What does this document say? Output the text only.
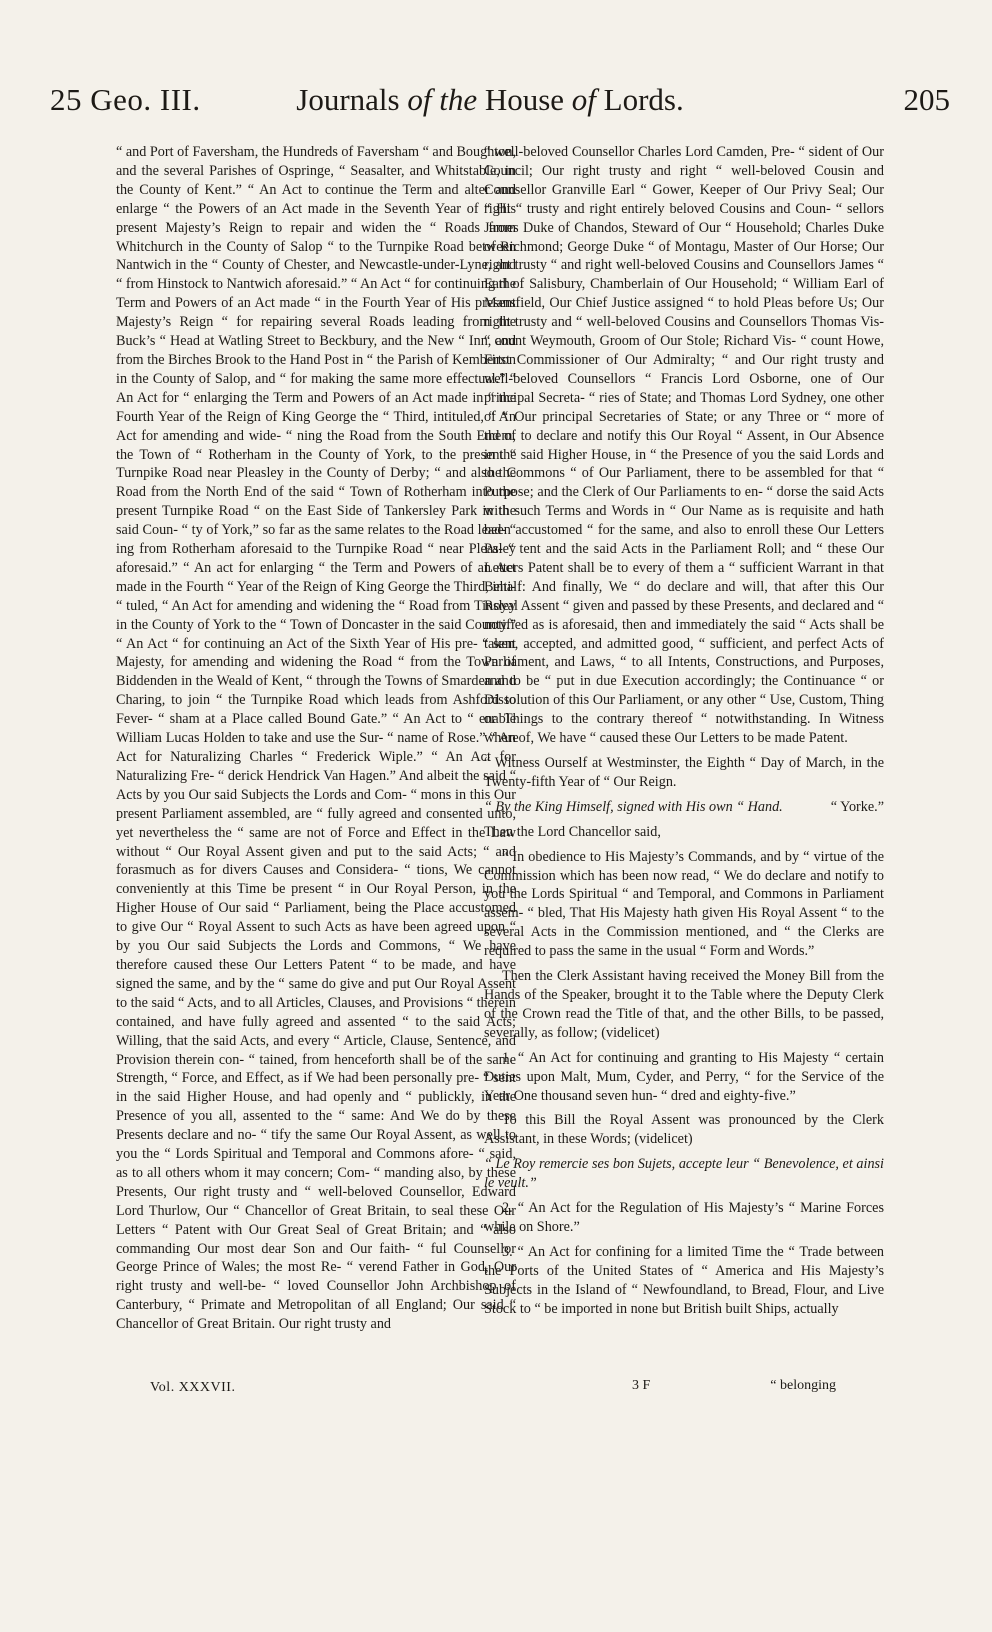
25 Geo. III.	Journals of the House of Lords.	205

“ and Port of Faversham, the Hundreds of Faversham “ and Boughton, and the several Parishes of Ospringe, “ Seasalter, and Whitstable, in the County of Kent.” “ An Act to continue the Term and alter and enlarge “ the Powers of an Act made in the Seventh Year of “ His present Majesty’s Reign to repair and widen the “ Roads from Whitchurch in the County of Salop “ to the Turnpike Road between Nantwich in the “ County of Chester, and Newcastle-under-Lyne, and “ from Hinstock to Nantwich aforesaid.” “ An Act “ for continuing the Term and Powers of an Act made “ in the Fourth Year of His present Majesty’s Reign “ for repairing several Roads leading from the Buck’s “ Head at Watling Street to Beckbury, and the New “ Inn, and from the Birches Brook to the Hand Post in “ the Parish of Kemberton in the County of Salop, and “ for making the same more effectual.” “ An Act for “ enlarging the Term and Powers of an Act made in “ the Fourth Year of the Reign of King George the “ Third, intituled, “ An Act for amending and wide- “ ning the Road from the South End of the Town of “ Rotherham in the County of York, to the present “ Turnpike Road near Pleasley in the County of Derby; “ and also the Road from the North End of the said “ Town of Rotherham into the present Turnpike Road “ on the East Side of Tankersley Park in the said Coun- “ ty of York,” so far as the same relates to the Road lead- “ ing from Rotherham aforesaid to the Turnpike Road “ near Pleasley aforesaid.” “ An act for enlarging “ the Term and Powers of an Act made in the Fourth “ Year of the Reign of King George the Third, inti- “ tuled, “ An Act for amending and widening the “ Road from Tinsley in the County of York to the “ Town of Doncaster in the said County.” “ An Act “ for continuing an Act of the Sixth Year of His pre- “ sent Majesty, for amending and widening the Road “ from the Town of Biddenden in the Weald of Kent, “ through the Towns of Smarden and Charing, to join “ the Turnpike Road which leads from Ashford to Fever- “ sham at a Place called Bound Gate.” “ An Act to “ enable William Lucas Holden to take and use the Sur- “ name of Rose.” “ An Act for Naturalizing Charles “ Frederick Wiple.” “ An Act for Naturalizing Fre- “ derick Hendrick Van Hagen.” And albeit the said “ Acts by you Our said Subjects the Lords and Com- “ mons in this Our present Parliament assembled, are “ fully agreed and consented unto, yet nevertheless the “ same are not of Force and Effect in the Law without “ Our Royal Assent given and put to the said Acts; “ and forasmuch as for divers Causes and Considera- “ tions, We cannot conveniently at this Time be present “ in Our Royal Person, in the Higher House of Our said “ Parliament, being the Place accustomed to give Our “ Royal Assent to such Acts as have been agreed upon “ by you Our said Subjects the Lords and Commons, “ We have therefore caused these Our Letters Patent “ to be made, and have signed the same, and by the “ same do give and put Our Royal Assent to the said “ Acts, and to all Articles, Clauses, and Provisions “ therein contained, and have fully agreed and assented “ to the said Acts; Willing, that the said Acts, and every “ Article, Clause, Sentence, and Provision therein con- “ tained, from henceforth shall be of the same Strength, “ Force, and Effect, as if We had been personally pre- “ sent in the said Higher House, and had openly and “ publickly, in the Presence of you all, assented to the “ same: And We do by these Presents declare and no- “ tify the same Our Royal Assent, as well to you the “ Lords Spiritual and Temporal and Commons afore- “ said, as to all others whom it may concern; Com- “ manding also, by these Presents, Our right trusty and “ well-beloved Counsellor, Edward Lord Thurlow, Our “ Chancellor of Great Britain, to seal these Our Letters “ Patent with Our Great Seal of Great Britain; and “ also commanding Our most dear Son and Our faith- “ ful Counsellor George Prince of Wales; the most Re- “ verend Father in God, Our right trusty and well-be- “ loved Counsellor John Archbishop of Canterbury, “ Primate and Metropolitan of all England; Our said “ Chancellor of Great Britain. Our right trusty and

“ well-beloved Counsellor Charles Lord Camden, Pre- “ sident of Our Council; Our right trusty and right “ well-beloved Cousin and Counsellor Granville Earl “ Gower, Keeper of Our Privy Seal; Our right “ trusty and right entirely beloved Cousins and Coun- “ sellors James Duke of Chandos, Steward of Our “ Household; Charles Duke of Richmond; George Duke “ of Montagu, Master of Our Horse; Our right trusty “ and right well-beloved Cousins and Counsellors James “ Earl of Salisbury, Chamberlain of Our Household; “ William Earl of Mansfield, Our Chief Justice assigned “ to hold Pleas before Us; Our right trusty and “ well-beloved Cousins and Counsellors Thomas Vis- “ count Weymouth, Groom of Our Stole; Richard Vis- “ count Howe, First Commissioner of Our Admiralty; “ and Our right trusty and well-beloved Counsellors “ Francis Lord Osborne, one of Our principal Secreta- “ ries of State; and Thomas Lord Sydney, one other of “ Our principal Secretaries of State; or any Three or “ more of them, to declare and notify this Our Royal “ Assent, in Our Absence in the said Higher House, in “ the Presence of you the said Lords and the Commons “ of Our Parliament, there to be assembled for that “ Purpose; and the Clerk of Our Parliaments to en- “ dorse the said Acts with such Terms and Words in “ Our Name as is requisite and hath been accustomed “ for the same, and also to enroll these Our Letters Pa- “ tent and the said Acts in the Parliament Roll; and “ these Our Letters Patent shall be to every of them a “ sufficient Warrant in that Behalf: And finally, We “ do declare and will, that after this Our Royal Assent “ given and passed by these Presents, and declared and “ notified as is aforesaid, then and immediately the said “ Acts shall be taken, accepted, and admitted good, “ sufficient, and perfect Acts of Parliament, and Laws, “ to all Intents, Constructions, and Purposes, and to be “ put in due Execution accordingly; the Continuance “ or Dissolution of this Our Parliament, or any other “ Use, Custom, Thing or Things to the contrary thereof “ notwithstanding. In Witness whereof, We have “ caused these Our Letters to be made Patent.

“ Witness Ourself at Westminster, the Eighth “ Day of March, in the Twenty-fifth Year of “ Our Reign.

“ By the King Himself, signed with His own “ Hand.	“ Yorke.”

Then the Lord Chancellor said,

“ In obedience to His Majesty’s Commands, and by “ virtue of the Commission which has been now read, “ We do declare and notify to you the Lords Spiritual “ and Temporal, and Commons in Parliament assem- “ bled, That His Majesty hath given His Royal Assent “ to the several Acts in the Commission mentioned, and “ the Clerks are required to pass the same in the usual “ Form and Words.”

Then the Clerk Assistant having received the Money Bill from the Hands of the Speaker, brought it to the Table where the Deputy Clerk of the Crown read the Title of that, and the other Bills, to be passed, severally, as follow; (videlicet)

1. “ An Act for continuing and granting to His Majesty “ certain Duties upon Malt, Mum, Cyder, and Perry, “ for the Service of the Year One thousand seven hun- “ dred and eighty-five.”

To this Bill the Royal Assent was pronounced by the Clerk Assistant, in these Words; (videlicet)

“ Le Roy remercie ses bon Sujets, accepte leur “ Benevolence, et ainsi le veult.”

2. “ An Act for the Regulation of His Majesty’s “ Marine Forces while on Shore.”

3. “ An Act for confining for a limited Time the “ Trade between the Ports of the United States of “ America and His Majesty’s Subjects in the Island of “ Newfoundland, to Bread, Flour, and Live Stock to “ be imported in none but British built Ships, actually

Vol. XXXVII.	3 F	“ belonging
